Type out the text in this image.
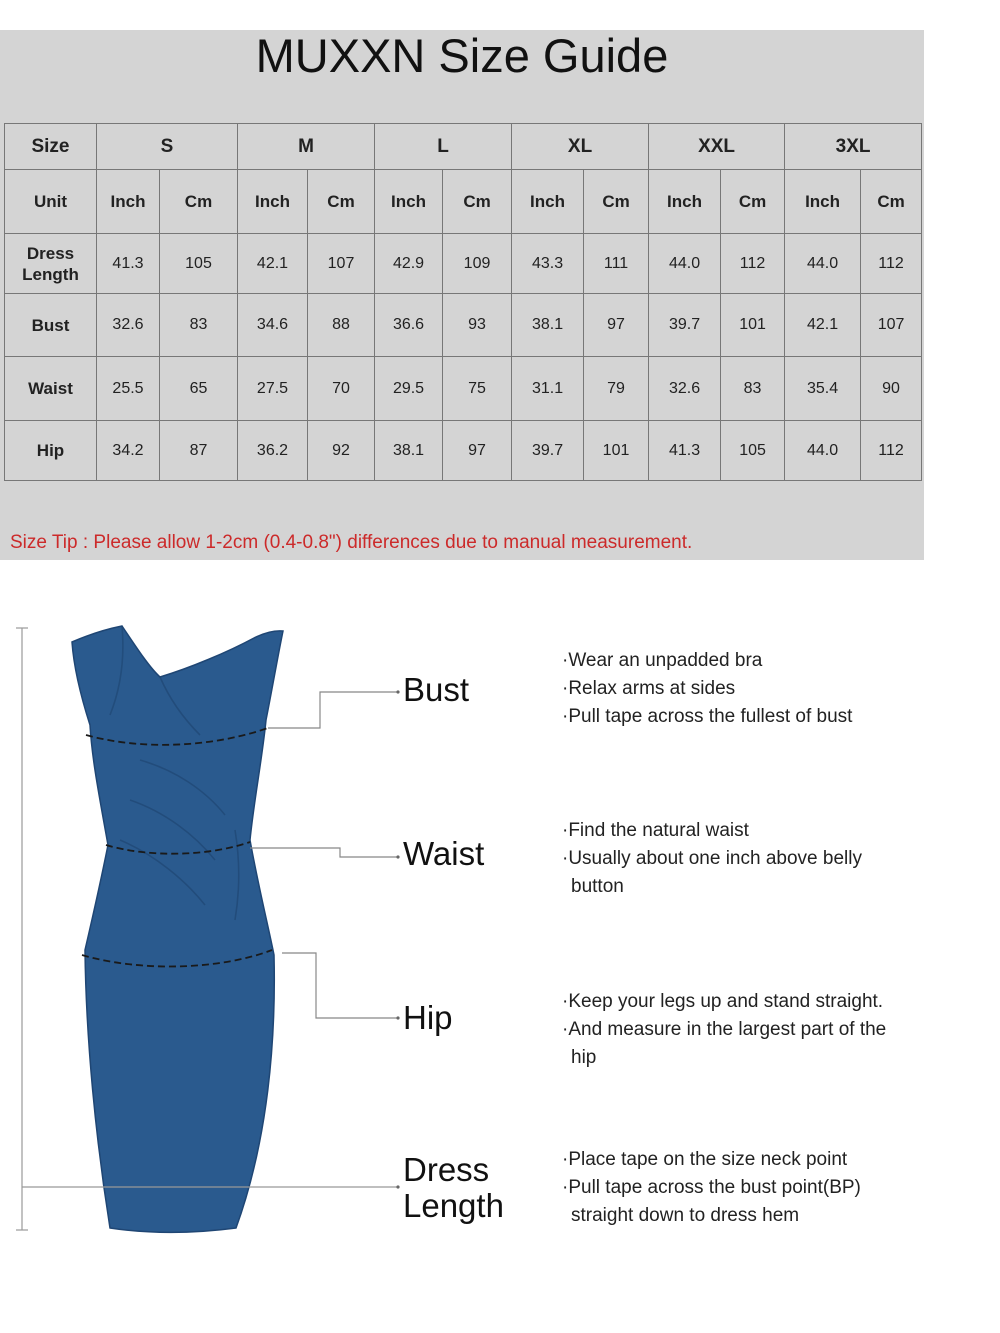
MUXXN Size Guide
Size	S		M		L		XL		XXL		3XL	
Unit	Inch	Cm	Inch	Cm	Inch	Cm	Inch	Cm	Inch	Cm	Inch	Cm
Dress
Length	41.3	105	42.1	107	42.9	109	43.3	111	44.0	112	44.0	112
Bust	32.6	83	34.6	88	36.6	93	38.1	97	39.7	101	42.1	107
Waist	25.5	65	27.5	70	29.5	75	31.1	79	32.6	83	35.4	90
Hip	34.2	87	36.2	92	38.1	97	39.7	101	41.3	105	44.0	112
Size Tip : Please allow 1-2cm (0.4-0.8") differences due to manual measurement.
Bust
Waist
Hip
Dress
Length
·Wear an unpadded bra
·Relax arms at sides
·Pull tape across the fullest of bust
·Find the natural waist
·Usually about one inch above belly
button
·Keep your legs up and stand straight.
·And measure in the largest part of the
hip
·Place tape on the size neck point
·Pull tape across the bust point(BP)
straight down to dress hem
